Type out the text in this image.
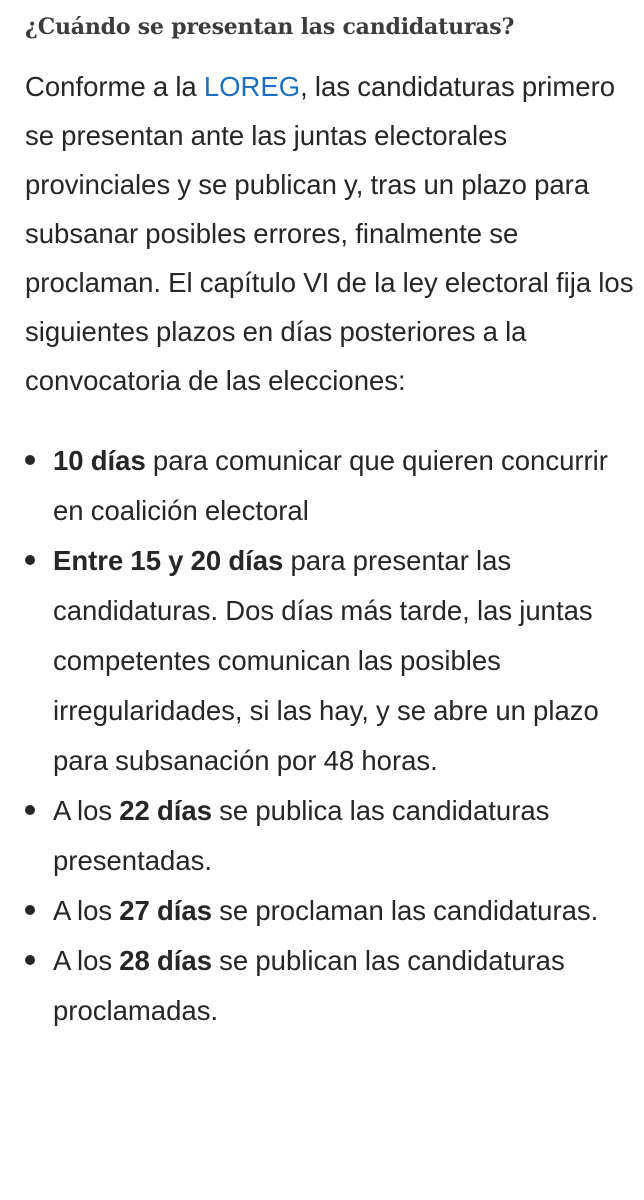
¿Cuándo se presentan las candidaturas?

Conforme a la LOREG, las candidaturas primero se presentan ante las juntas electorales provinciales y se publican y, tras un plazo para subsanar posibles errores, finalmente se proclaman. El capítulo VI de la ley electoral fija los siguientes plazos en días posteriores a la convocatoria de las elecciones:

10 días para comunicar que quieren concurrir en coalición electoral
Entre 15 y 20 días para presentar las candidaturas. Dos días más tarde, las juntas competentes comunican las posibles irregularidades, si las hay, y se abre un plazo para subsanación por 48 horas.
A los 22 días se publica las candidaturas presentadas.
A los 27 días se proclaman las candidaturas.
A los 28 días se publican las candidaturas proclamadas.
